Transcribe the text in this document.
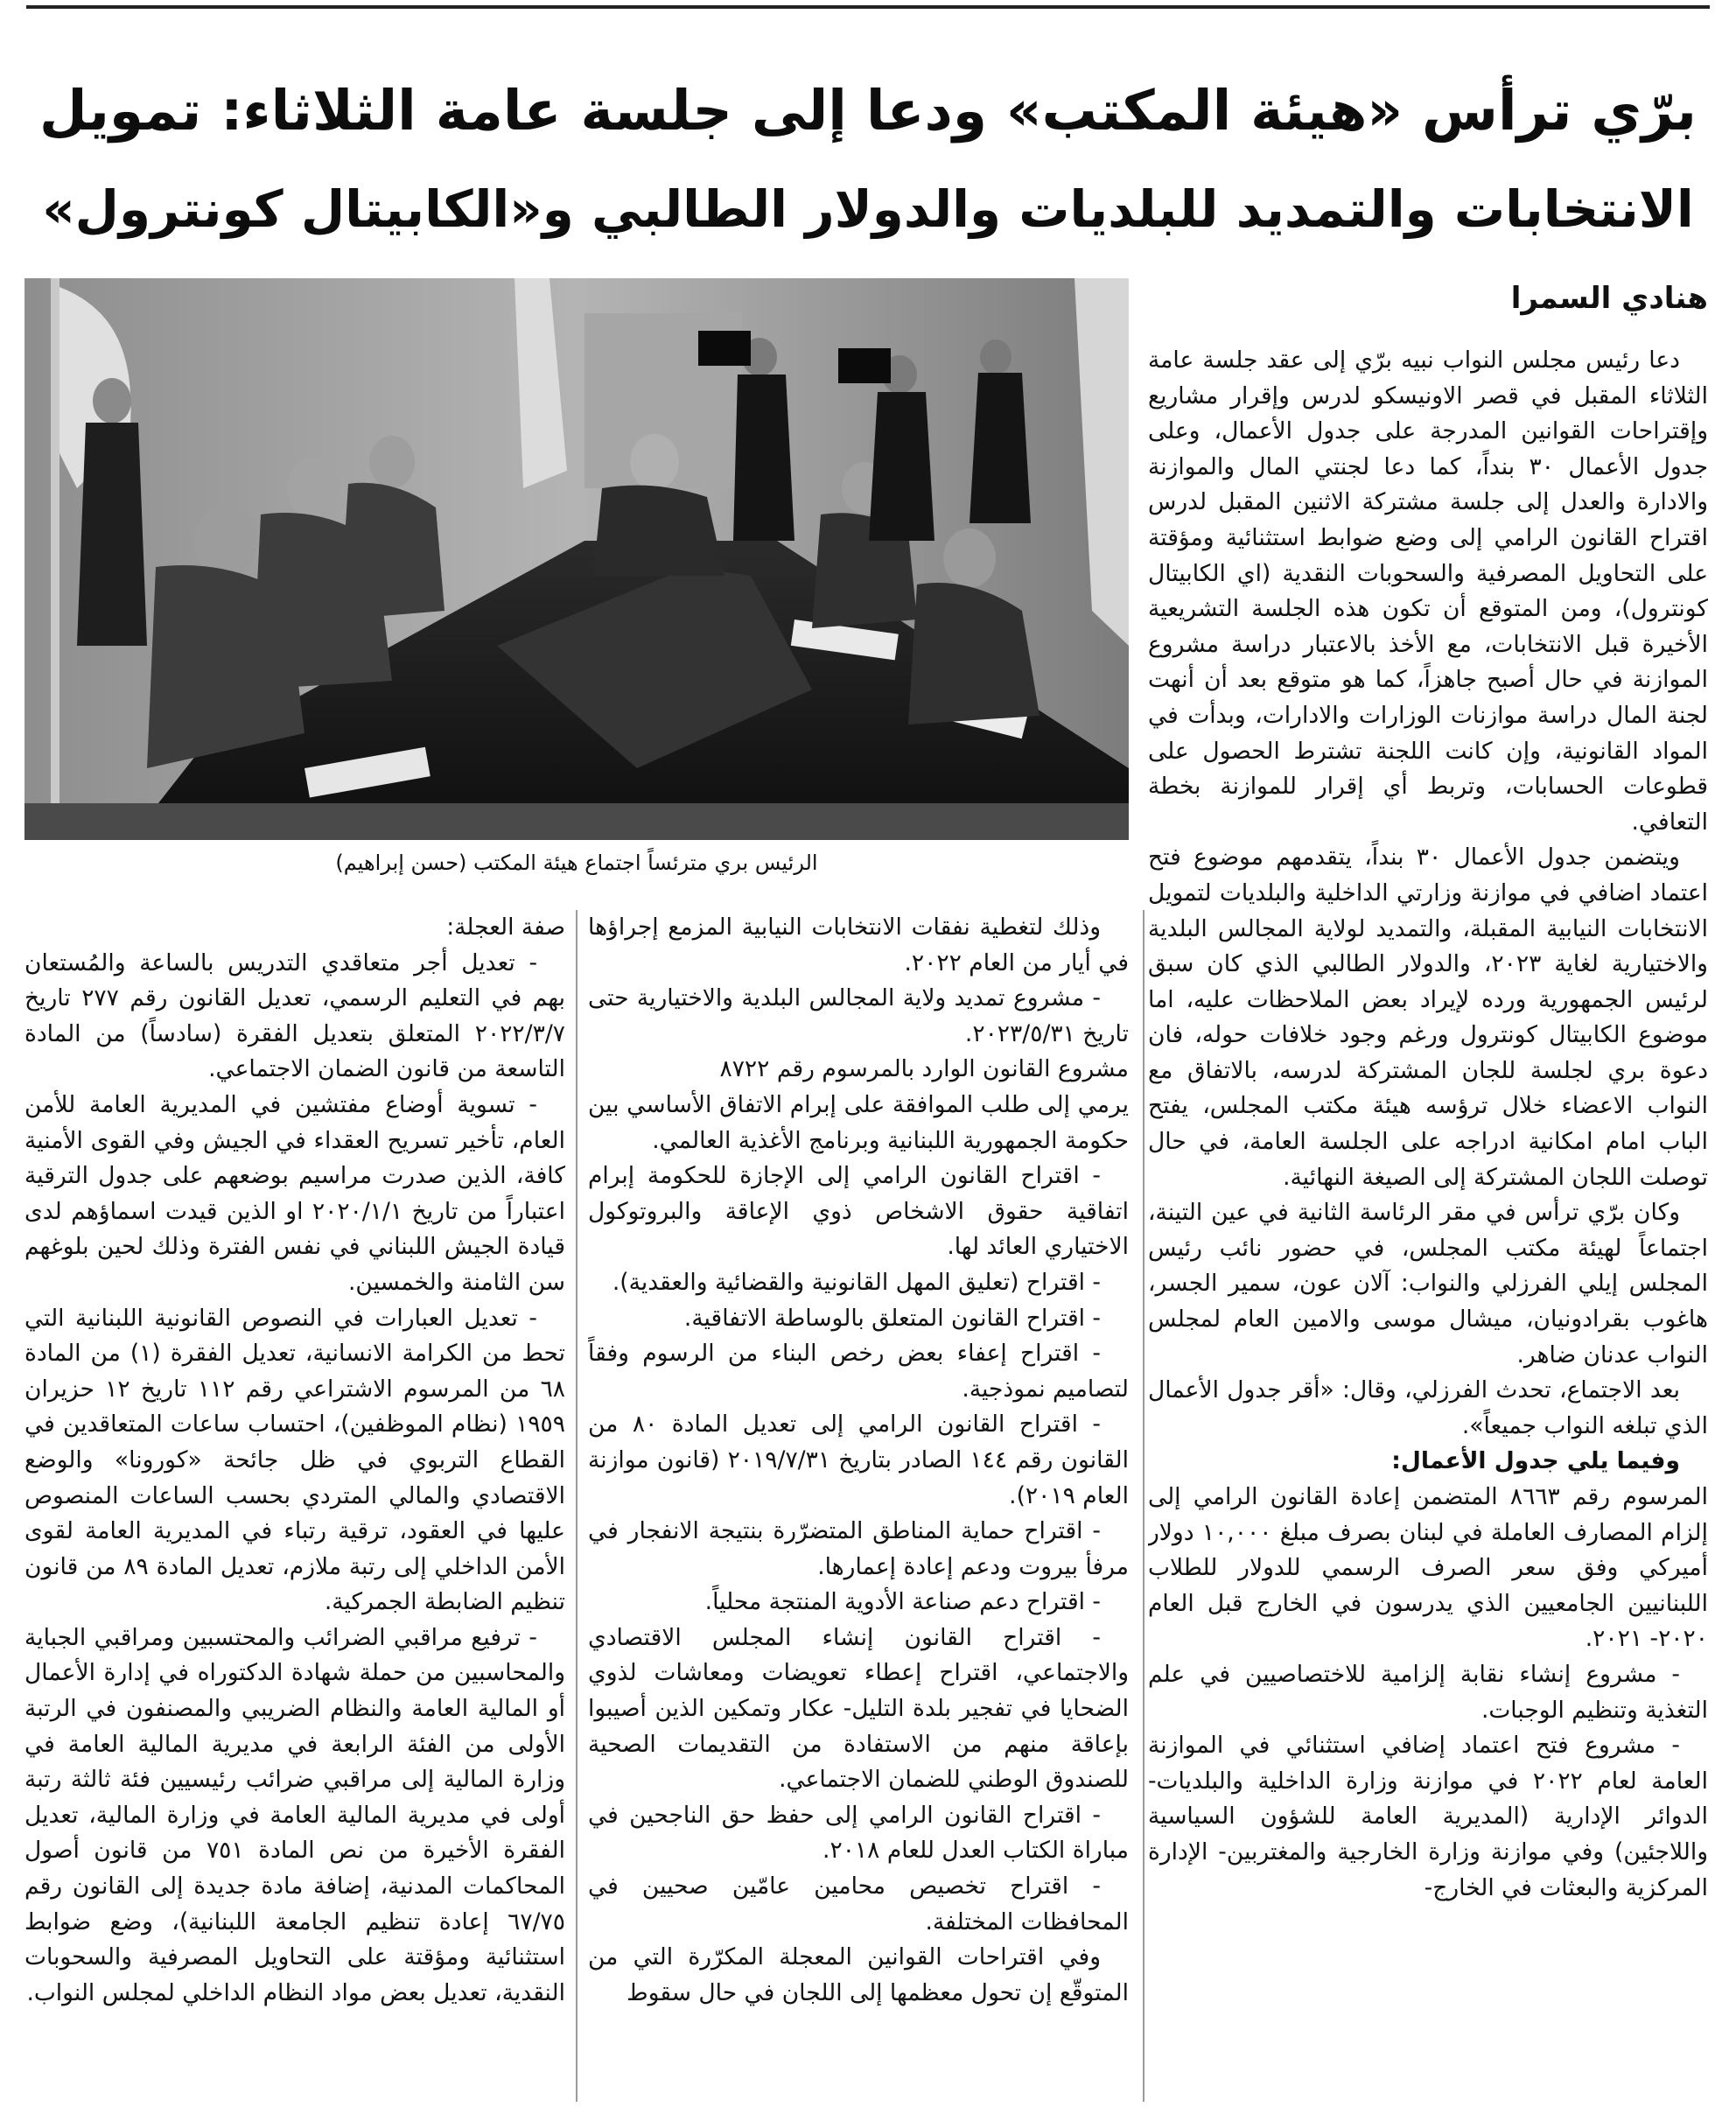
برّي ترأس «هيئة المكتب» ودعا إلى جلسة عامة الثلاثاء: تمويل
الانتخابات والتمديد للبلديات والدولار الطالبي و«الكابيتال كونترول»
هنادي السمرا
الرئيس بري مترئساً اجتماع هيئة المكتب (حسن إبراهيم)

دعا رئيس مجلس النواب نبيه برّي إلى عقد جلسة عامة الثلاثاء المقبل في قصر الاونيسكو لدرس وإقرار مشاريع وإقتراحات القوانين المدرجة على جدول الأعمال، وعلى جدول الأعمال ٣٠ بنداً، كما دعا لجنتي المال والموازنة والادارة والعدل إلى جلسة مشتركة الاثنين المقبل لدرس اقتراح القانون الرامي إلى وضع ضوابط استثنائية ومؤقتة على التحاويل المصرفية والسحوبات النقدية (اي الكابيتال كونترول)، ومن المتوقع أن تكون هذه الجلسة التشريعية الأخيرة قبل الانتخابات، مع الأخذ بالاعتبار دراسة مشروع الموازنة في حال أصبح جاهزاً، كما هو متوقع بعد أن أنهت لجنة المال دراسة موازنات الوزارات والادارات، وبدأت في المواد القانونية، وإن كانت اللجنة تشترط الحصول على قطوعات الحسابات، وتربط أي إقرار للموازنة بخطة التعافي.

ويتضمن جدول الأعمال ٣٠ بنداً، يتقدمهم موضوع فتح اعتماد اضافي في موازنة وزارتي الداخلية والبلديات لتمويل الانتخابات النيابية المقبلة، والتمديد لولاية المجالس البلدية والاختيارية لغاية ٢٠٢٣، والدولار الطالبي الذي كان سبق لرئيس الجمهورية ورده لإيراد بعض الملاحظات عليه، اما موضوع الكابيتال كونترول ورغم وجود خلافات حوله، فان دعوة بري لجلسة للجان المشتركة لدرسه، بالاتفاق مع النواب الاعضاء خلال ترؤسه هيئة مكتب المجلس، يفتح الباب امام امكانية ادراجه على الجلسة العامة، في حال توصلت اللجان المشتركة إلى الصيغة النهائية.

وكان برّي ترأس في مقر الرئاسة الثانية في عين التينة، اجتماعاً لهيئة مكتب المجلس، في حضور نائب رئيس المجلس إيلي الفرزلي والنواب: آلان عون، سمير الجسر، هاغوب بقرادونيان، ميشال موسى والامين العام لمجلس النواب عدنان ضاهر.

بعد الاجتماع، تحدث الفرزلي، وقال: «أقر جدول الأعمال الذي تبلغه النواب جميعاً».

وفيما يلي جدول الأعمال:

المرسوم رقم ٨٦٦٣ المتضمن إعادة القانون الرامي إلى إلزام المصارف العاملة في لبنان بصرف مبلغ ١٠,٠٠٠ دولار أميركي وفق سعر الصرف الرسمي للدولار للطلاب اللبنانيين الجامعيين الذي يدرسون في الخارج قبل العام ٢٠٢٠- ٢٠٢١.

- مشروع إنشاء نقابة إلزامية للاختصاصيين في علم التغذية وتنظيم الوجبات.

- مشروع فتح اعتماد إضافي استثنائي في الموازنة العامة لعام ٢٠٢٢ في موازنة وزارة الداخلية والبلديات- الدوائر الإدارية (المديرية العامة للشؤون السياسية واللاجئين) وفي موازنة وزارة الخارجية والمغتربين- الإدارة المركزية والبعثات في الخارج-

وذلك لتغطية نفقات الانتخابات النيابية المزمع إجراؤها في أيار من العام ٢٠٢٢.

- مشروع تمديد ولاية المجالس البلدية والاختيارية حتى تاريخ ٢٠٢٣/٥/٣١.

مشروع القانون الوارد بالمرسوم رقم ٨٧٢٢

يرمي إلى طلب الموافقة على إبرام الاتفاق الأساسي بين حكومة الجمهورية اللبنانية وبرنامج الأغذية العالمي.

- اقتراح القانون الرامي إلى الإجازة للحكومة إبرام اتفاقية حقوق الاشخاص ذوي الإعاقة والبروتوكول الاختياري العائد لها.

- اقتراح (تعليق المهل القانونية والقضائية والعقدية).

- اقتراح القانون المتعلق بالوساطة الاتفاقية.

- اقتراح إعفاء بعض رخص البناء من الرسوم وفقاً لتصاميم نموذجية.

- اقتراح القانون الرامي إلى تعديل المادة ٨٠ من القانون رقم ١٤٤ الصادر بتاريخ ٢٠١٩/٧/٣١ (قانون موازنة العام ٢٠١٩).

- اقتراح حماية المناطق المتضرّرة بنتيجة الانفجار في مرفأ بيروت ودعم إعادة إعمارها.

- اقتراح دعم صناعة الأدوية المنتجة محلياً.

- اقتراح القانون إنشاء المجلس الاقتصادي والاجتماعي، اقتراح إعطاء تعويضات ومعاشات لذوي الضحايا في تفجير بلدة التليل- عكار وتمكين الذين أصيبوا بإعاقة منهم من الاستفادة من التقديمات الصحية للصندوق الوطني للضمان الاجتماعي.

- اقتراح القانون الرامي إلى حفظ حق الناجحين في مباراة الكتاب العدل للعام ٢٠١٨.

- اقتراح تخصيص محامين عامّين صحيين في المحافظات المختلفة.

وفي اقتراحات القوانين المعجلة المكرّرة التي من المتوقّع إن تحول معظمها إلى اللجان في حال سقوط

صفة العجلة:

- تعديل أجر متعاقدي التدريس بالساعة والمُستعان بهم في التعليم الرسمي، تعديل القانون رقم ٢٧٧ تاريخ ٢٠٢٢/٣/٧ المتعلق بتعديل الفقرة (سادساً) من المادة التاسعة من قانون الضمان الاجتماعي.

- تسوية أوضاع مفتشين في المديرية العامة للأمن العام، تأخير تسريح العقداء في الجيش وفي القوى الأمنية كافة، الذين صدرت مراسيم بوضعهم على جدول الترقية اعتباراً من تاريخ ٢٠٢٠/١/١ او الذين قيدت اسماؤهم لدى قيادة الجيش اللبناني في نفس الفترة وذلك لحين بلوغهم سن الثامنة والخمسين.

- تعديل العبارات في النصوص القانونية اللبنانية التي تحط من الكرامة الانسانية، تعديل الفقرة (١) من المادة ٦٨ من المرسوم الاشتراعي رقم ١١٢ تاريخ ١٢ حزيران ١٩٥٩ (نظام الموظفين)، احتساب ساعات المتعاقدين في القطاع التربوي في ظل جائحة «كورونا» والوضع الاقتصادي والمالي المتردي بحسب الساعات المنصوص عليها في العقود، ترقية رتباء في المديرية العامة لقوى الأمن الداخلي إلى رتبة ملازم، تعديل المادة ٨٩ من قانون تنظيم الضابطة الجمركية.

- ترفيع مراقبي الضرائب والمحتسبين ومراقبي الجباية والمحاسبين من حملة شهادة الدكتوراه في إدارة الأعمال أو المالية العامة والنظام الضريبي والمصنفون في الرتبة الأولى من الفئة الرابعة في مديرية المالية العامة في وزارة المالية إلى مراقبي ضرائب رئيسيين فئة ثالثة رتبة أولى في مديرية المالية العامة في وزارة المالية، تعديل الفقرة الأخيرة من نص المادة ٧٥١ من قانون أصول المحاكمات المدنية، إضافة مادة جديدة إلى القانون رقم ٦٧/٧٥ إعادة تنظيم الجامعة اللبنانية)، وضع ضوابط استثنائية ومؤقتة على التحاويل المصرفية والسحوبات النقدية، تعديل بعض مواد النظام الداخلي لمجلس النواب.
